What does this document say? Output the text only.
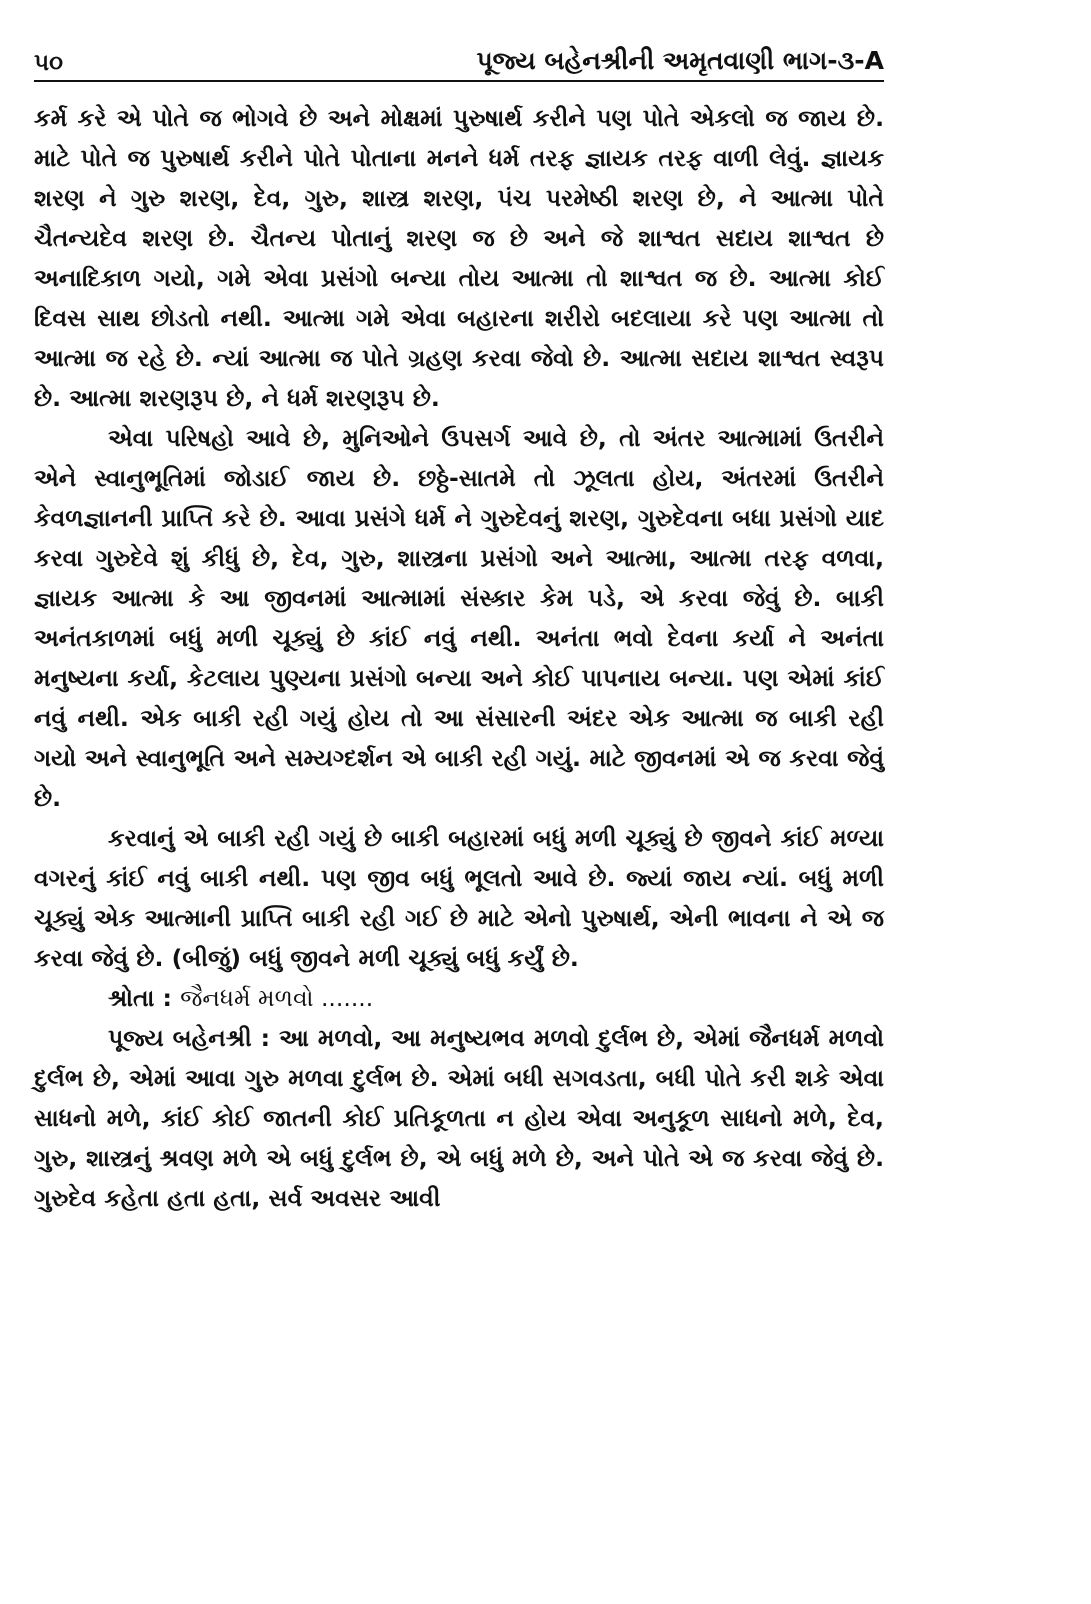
૫૦	પૂજ્ય બહેનશ્રીની અમૃતવાણી ભાગ-૩-A

કર્મ કરે એ પોતે જ ભોગવે છે અને મોક્ષમાં પુરુષાર્થ કરીને પણ પોતે એકલો જ જાય છે. માટે પોતે જ પુરુષાર્થ કરીને પોતે પોતાના મનને ધર્મ તરફ જ્ઞાયક તરફ વાળી લેવું. જ્ઞાયક શરણ ને ગુરુ શરણ, દેવ, ગુરુ, શાસ્ત્ર શરણ, પંચ પરમેષ્ઠી શરણ છે, ને આત્મા પોતે ચૈતન્યદેવ શરણ છે. ચૈતન્ય પોતાનું શરણ જ છે અને જે શાશ્વત સદાય શાશ્વત છે અનાદિકાળ ગયો, ગમે એવા પ્રસંગો બન્યા તોય આત્મા તો શાશ્વત જ છે. આત્મા કોઈ દિવસ સાથ છોડતો નથી. આત્મા ગમે એવા બહારના શરીરો બદલાયા કરે પણ આત્મા તો આત્મા જ રહે છે. ન્યાં આત્મા જ પોતે ગ્રહણ કરવા જેવો છે. આત્મા સદાય શાશ્વત સ્વરૂપ છે. આત્મા શરણરૂપ છે, ને ધર્મ શરણરૂપ છે.

એવા પરિષહો આવે છે, મુનિઓને ઉપસર્ગ આવે છે, તો અંતર આત્મામાં ઉતરીને એને સ્વાનુભૂતિમાં જોડાઈ જાય છે. છઠ્ઠે-સાતમે તો ઝૂલતા હોય, અંતરમાં ઉતરીને કેવળજ્ઞાનની પ્રાપ્તિ કરે છે. આવા પ્રસંગે ધર્મ ને ગુરુદેવનું શરણ, ગુરુદેવના બધા પ્રસંગો યાદ કરવા ગુરુદેવે શું કીધું છે, દેવ, ગુરુ, શાસ્ત્રના પ્રસંગો અને આત્મા, આત્મા તરફ વળવા, જ્ઞાયક આત્મા કે આ જીવનમાં આત્મામાં સંસ્કાર કેમ પડે, એ કરવા જેવું છે. બાકી અનંતકાળમાં બધું મળી ચૂક્યું છે કાંઈ નવું નથી. અનંતા ભવો દેવના કર્યા ને અનંતા મનુષ્યના કર્યા, કેટલાય પુણ્યના પ્રસંગો બન્યા અને કોઈ પાપનાય બન્યા. પણ એમાં કાંઈ નવું નથી. એક બાકી રહી ગયું હોય તો આ સંસારની અંદર એક આત્મા જ બાકી રહી ગયો અને સ્વાનુભૂતિ અને સમ્યગ્દર્શન એ બાકી રહી ગયું. માટે જીવનમાં એ જ કરવા જેવું છે.

કરવાનું એ બાકી રહી ગયું છે બાકી બહારમાં બધું મળી ચૂક્યું છે જીવને કાંઈ મળ્યા વગરનું કાંઈ નવું બાકી નથી. પણ જીવ બધું ભૂલતો આવે છે. જ્યાં જાય ન્યાં. બધું મળી ચૂક્યું એક આત્માની પ્રાપ્તિ બાકી રહી ગઈ છે માટે એનો પુરુષાર્થ, એની ભાવના ને એ જ કરવા જેવું છે. (બીજું) બધું જીવને મળી ચૂક્યું બધું કર્યું છે.

શ્રોતા : જૈનધર્મ મળવો .......

પૂજ્ય બહેનશ્રી : આ મળવો, આ મનુષ્યભવ મળવો દુર્લભ છે, એમાં જૈનધર્મ મળવો દુર્લભ છે, એમાં આવા ગુરુ મળવા દુર્લભ છે. એમાં બધી સગવડતા, બધી પોતે કરી શકે એવા સાધનો મળે, કાંઈ કોઈ જાતની કોઈ પ્રતિકૂળતા ન હોય એવા અનુકૂળ સાધનો મળે, દેવ, ગુરુ, શાસ્ત્રનું શ્રવણ મળે એ બધું દુર્લભ છે, એ બધું મળે છે, અને પોતે એ જ કરવા જેવું છે. ગુરુદેવ કહેતા હતા હતા, સર્વ અવસર આવી
